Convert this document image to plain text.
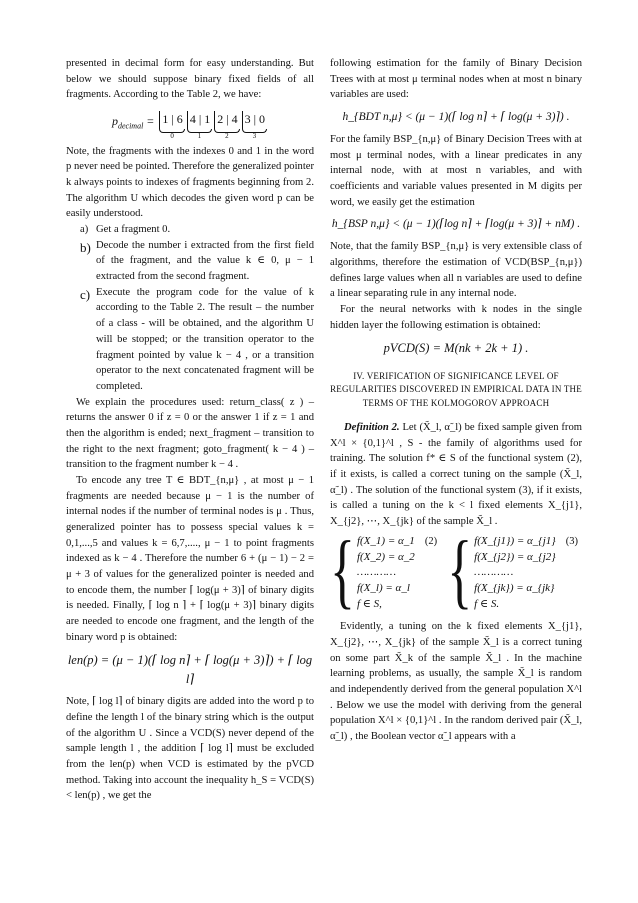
presented in decimal form for easy understanding. But below we should suppose binary fixed fields of all fragments. According to the Table 2, we have:

$p_{decimal} = 1$ | 6
0
4 | 1
1
2 | 4
2
3 | 0
3

Note, the fragments with the indexes 0 and 1 in the word p never need be pointed. Therefore the generalized pointer k always points to indexes of fragments beginning from 2. The algorithm U which decodes the given word p can be easily understood.

a) Get a fragment 0.
b) Decode the number i extracted from the first field of the fragment, and the value k ∈ 0, μ − 1 extracted from the second fragment.
c) Execute the program code for the value of k according to the Table 2. The result – the number of a class - will be obtained, and the algorithm U will be stopped; or the transition operator to the fragment pointed by value k − 4 , or a transition operator to the next concatenated fragment will be completed.

We explain the procedures used: return_class( z ) – returns the answer 0 if z = 0 or the answer 1 if z = 1 and then the algorithm is ended; next_fragment – transition to the right to the next fragment; goto_fragment( k − 4 ) – transition to the fragment number k − 4 .

To encode any tree T ∈ BDT_{n,μ} , at most μ − 1 fragments are needed because μ − 1 is the number of internal nodes if the number of terminal nodes is μ . Thus, generalized pointer has to possess special values k = 0,1,...,5 and values k = 6,7,...., μ − 1 to point fragments indexed as k − 4 . Therefore the number 6 + (μ − 1) − 2 = μ + 3 of values for the generalized pointer is needed and to encode them, the number ⌈ log(μ + 3)⌉ of binary digits is needed. Finally, ⌈ log n ⌉ + ⌈ log(μ + 3)⌉ binary digits are needed to encode one fragment, and the length of the binary word p is obtained:

len(p) = (μ − 1)(⌈ log n⌉ + ⌈ log(μ + 3)⌉) + ⌈ log l⌉

Note, ⌈ log l⌉ of binary digits are added into the word p to define the length l of the binary string which is the output of the algorithm U . Since a VCD(S) never depend of the sample length l , the addition ⌈ log l⌉ must be excluded from the len(p) when VCD is estimated by the pVCD method. Taking into account the inequality h_S = VCD(S) < len(p) , we get the

following estimation for the family of Binary Decision Trees with at most μ terminal nodes when at most n binary variables are used:

h_{BDT n,μ} < (μ − 1)(⌈ log n⌉ + ⌈ log(μ + 3)⌉) .

For the family BSP_{n,μ} of Binary Decision Trees with at most μ terminal nodes, with a linear predicates in any internal node, with at most n variables, and with coefficients and variable values presented in M digits per word, we easily get the estimation

h_{BSP n,μ} < (μ − 1)(⌈log n⌉ + ⌈log(μ + 3)⌉ + nM) .

Note, that the family BSP_{n,μ} is very extensible class of algorithms, therefore the estimation of VCD(BSP_{n,μ}) defines large values when all n variables are used to define a linear separating rule in any internal node.

For the neural networks with k nodes in the single hidden layer the following estimation is obtained:

pVCD(S) = M(nk + 2k + 1) .
IV. VERIFICATION OF SIGNIFICANCE LEVEL OF REGULARITIES DISCOVERED IN EMPIRICAL DATA IN THE TERMS OF THE KOLMOGOROV APPROACH

Definition 2. Let (X̃_l, α̃_l) be fixed sample given from X^l × {0,1}^l , S - the family of algorithms used for training. The solution f* ∈ S of the functional system (2), if it exists, is called a correct tuning on the sample (X̃_l, α̃_l) . The solution of the functional system (3), if it exists, is called a tuning on the k < l fixed elements X_{j1}, X_{j2}, ⋯, X_{jk} of the sample X̃_l .

{ f(X_1) = α_1
f(X_2) = α_2
…………
f(X_l) = α_l
f ∈ S,
(2) { f(X_{j1}) = α_{j1}
f(X_{j2}) = α_{j2}
…………
f(X_{jk}) = α_{jk}
f ∈ S.
(3)

Evidently, a tuning on the k fixed elements X_{j1}, X_{j2}, ⋯, X_{jk} of the sample X̃_l is a correct tuning on some part X̃_k of the sample X̃_l . In the machine learning problems, as usually, the sample X̃_l is random and independently derived from the general population X^l . Below we use the model with deriving from the general population X^l × {0,1}^l . In the random derived pair (X̃_l, α̃_l) , the Boolean vector α̃_l appears with a
